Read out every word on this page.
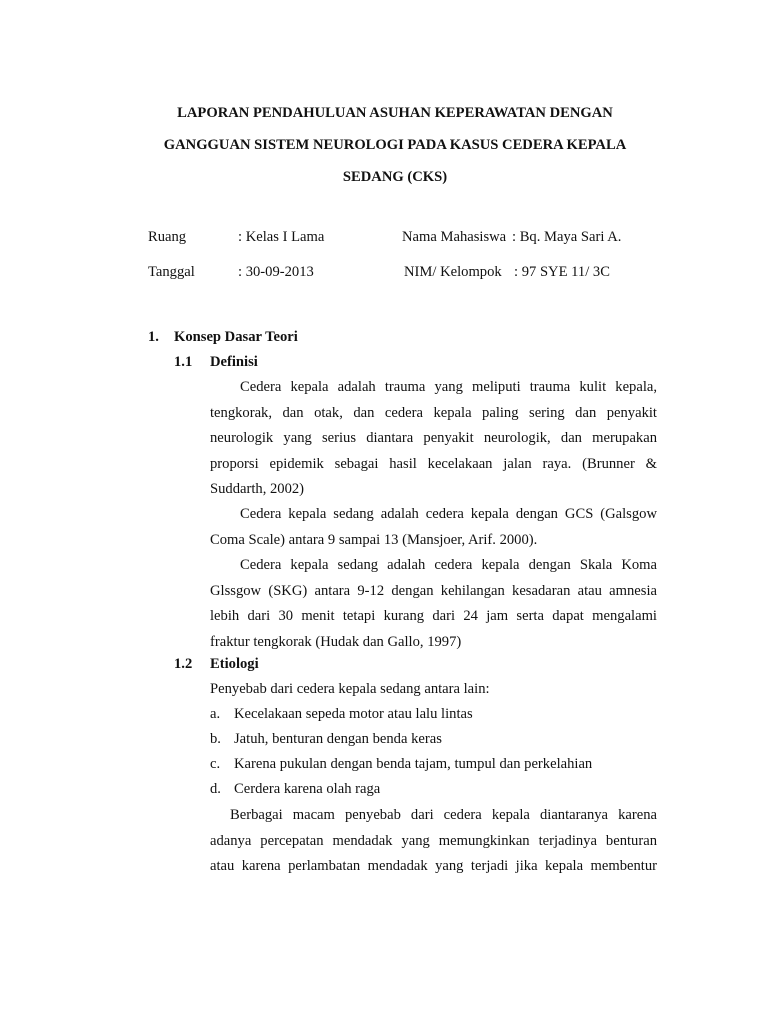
LAPORAN PENDAHULUAN ASUHAN KEPERAWATAN DENGAN
GANGGUAN SISTEM NEUROLOGI PADA KASUS CEDERA KEPALA
SEDANG (CKS)
Ruang	: Kelas I Lama	Nama Mahasiswa : Bq. Maya Sari A.
Tanggal	: 30-09-2013	NIM/ Kelompok : 97 SYE 11/ 3C
1. Konsep Dasar Teori
1.1 Definisi
Cedera kepala adalah trauma yang meliputi trauma kulit kepala,
tengkorak, dan otak, dan cedera kepala paling sering dan penyakit
neurologik yang serius diantara penyakit neurologik, dan merupakan
proporsi epidemik sebagai hasil kecelakaan jalan raya. (Brunner &
Suddarth, 2002)
Cedera kepala sedang adalah cedera kepala dengan GCS (Galsgow
Coma Scale) antara 9 sampai 13 (Mansjoer, Arif. 2000).
Cedera kepala sedang adalah cedera kepala dengan Skala Koma
Glssgow (SKG) antara 9-12 dengan kehilangan kesadaran atau amnesia
lebih dari 30 menit tetapi kurang dari 24 jam serta dapat mengalami
fraktur tengkorak (Hudak dan Gallo, 1997)
1.2 Etiologi
Penyebab dari cedera kepala sedang antara lain:
a. Kecelakaan sepeda motor atau lalu lintas
b. Jatuh, benturan dengan benda keras
c. Karena pukulan dengan benda tajam, tumpul dan perkelahian
d. Cerdera karena olah raga
Berbagai macam penyebab dari cedera kepala diantaranya karena
adanya percepatan mendadak yang memungkinkan terjadinya benturan
atau karena perlambatan mendadak yang terjadi jika kepala membentur
